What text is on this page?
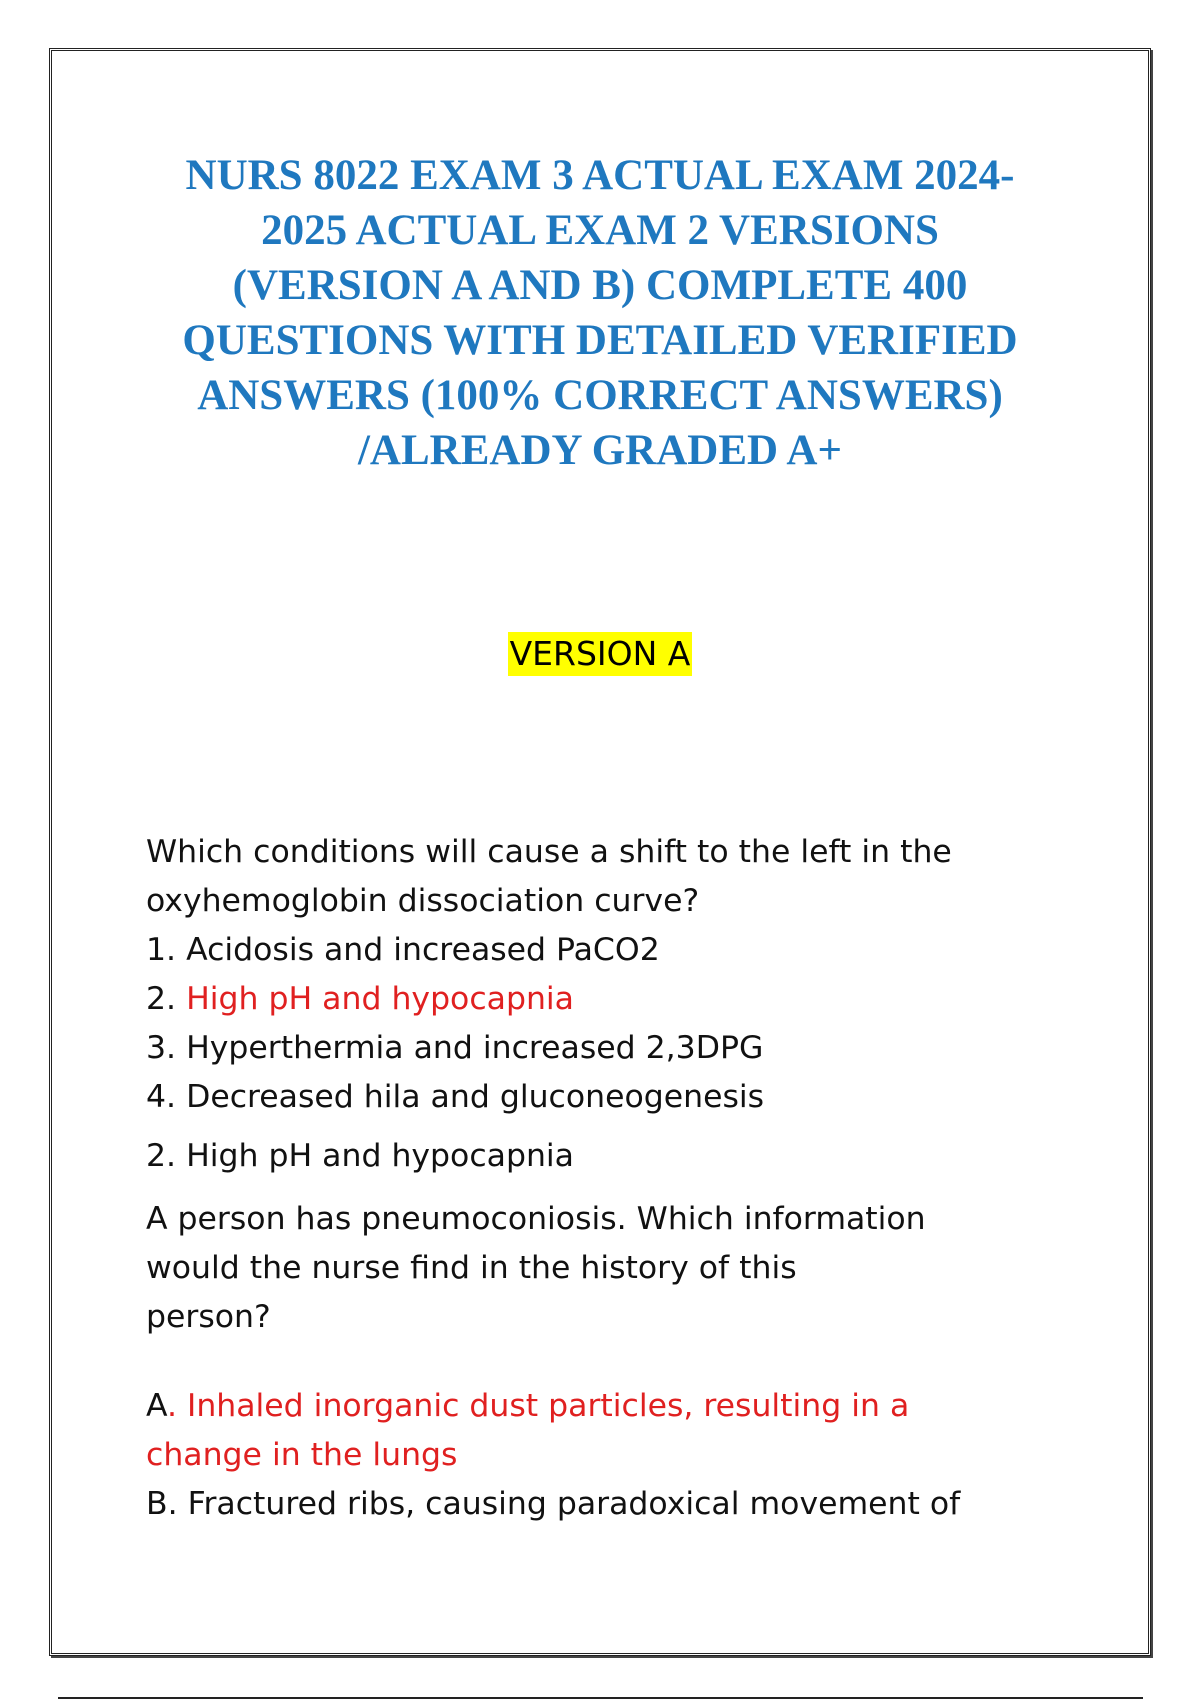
NURS 8022 EXAM 3 ACTUAL EXAM 2024-
2025 ACTUAL EXAM 2 VERSIONS
(VERSION A AND B) COMPLETE 400
QUESTIONS WITH DETAILED VERIFIED
ANSWERS (100% CORRECT ANSWERS)
/ALREADY GRADED A+
VERSION A
Which conditions will cause a shift to the left in the
oxyhemoglobin dissociation curve?
1. Acidosis and increased PaCO2
2. High pH and hypocapnia
3. Hyperthermia and increased 2,3DPG
4. Decreased hila and gluconeogenesis
2. High pH and hypocapnia
A person has pneumoconiosis. Which information
would the nurse find in the history of this
person?
A. Inhaled inorganic dust particles, resulting in a
change in the lungs
B. Fractured ribs, causing paradoxical movement of
